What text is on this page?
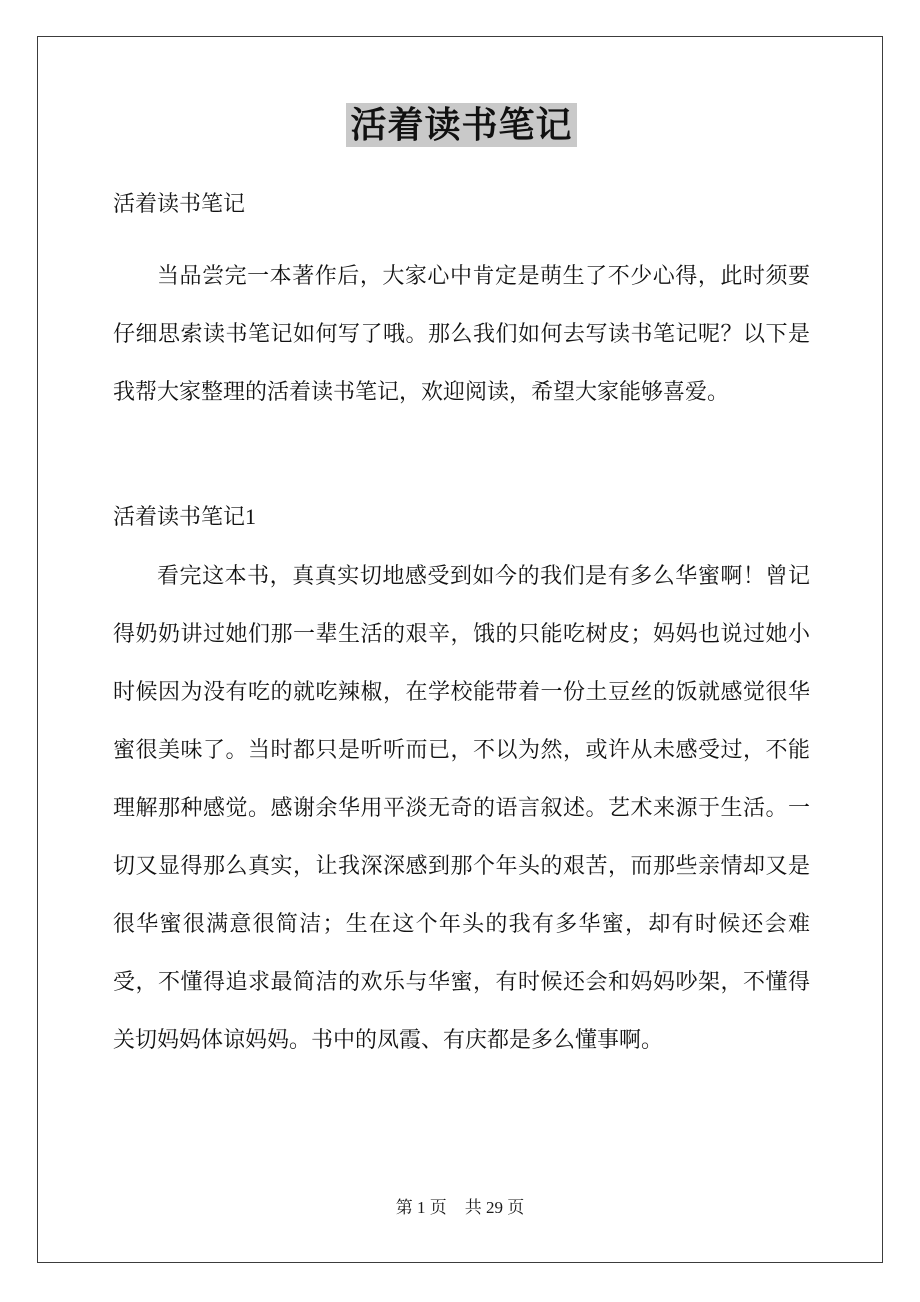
活着读书笔记
活着读书笔记

当品尝完一本著作后，大家心中肯定是萌生了不少心得，此时须要仔细思索读书笔记如何写了哦。那么我们如何去写读书笔记呢？以下是我帮大家整理的活着读书笔记，欢迎阅读，希望大家能够喜爱。

活着读书笔记1

看完这本书，真真实切地感受到如今的我们是有多么华蜜啊！曾记得奶奶讲过她们那一辈生活的艰辛，饿的只能吃树皮；妈妈也说过她小时候因为没有吃的就吃辣椒，在学校能带着一份土豆丝的饭就感觉很华蜜很美味了。当时都只是听听而已，不以为然，或许从未感受过，不能理解那种感觉。感谢余华用平淡无奇的语言叙述。艺术来源于生活。一切又显得那么真实，让我深深感到那个年头的艰苦，而那些亲情却又是很华蜜很满意很简洁；生在这个年头的我有多华蜜，却有时候还会难受，不懂得追求最简洁的欢乐与华蜜，有时候还会和妈妈吵架，不懂得关切妈妈体谅妈妈。书中的凤霞、有庆都是多么懂事啊。

第 1 页 共 29 页
